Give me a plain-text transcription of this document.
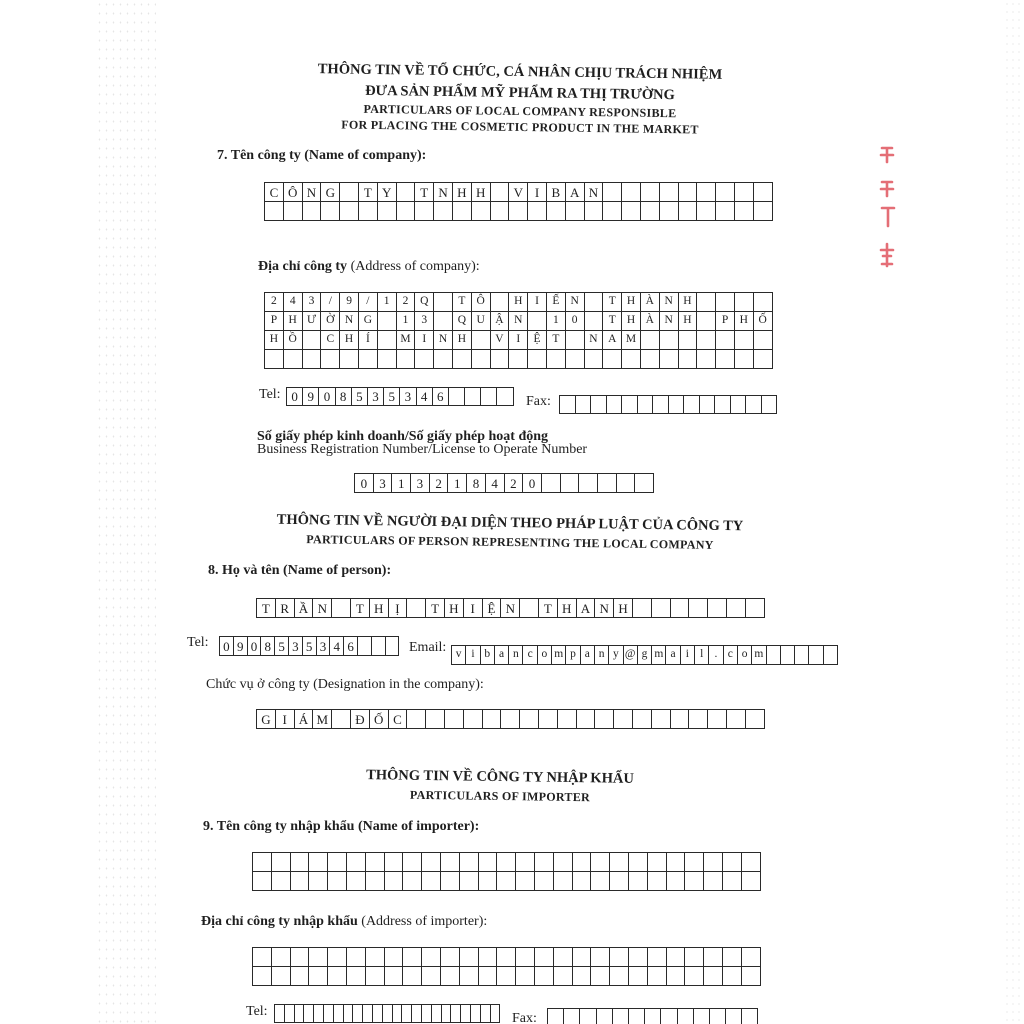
THÔNG TIN VỀ TỔ CHỨC, CÁ NHÂN CHỊU TRÁCH NHIỆM
ĐƯA SẢN PHẨM MỸ PHẨM RA THỊ TRƯỜNG
PARTICULARS OF LOCAL COMPANY RESPONSIBLE
FOR PLACING THE COSMETIC PRODUCT IN THE MARKET
7. Tên công ty (Name of company):
C Ô N G	T Y	T N H H	V I B A N
Địa chỉ công ty (Address of company):
2	4	3	/	9	/	1	2	Q	T Ô	H	I	Ế N	T H À N H
P H Ư Ờ N G	1	3	Q U Ậ N	1	0	T H À N H	P H Ố
H Ồ	C H	Í	M	I	N H	V	I	Ệ	T	N A M
Tel: 0 9 0 8 5 3 5 3 4 6	Fax:
Số giấy phép kinh doanh/Số giấy phép hoạt động
Business Registration Number/License to Operate Number
0 3 1 3 2 1 8 4 2 0
THÔNG TIN VỀ NGƯỜI ĐẠI DIỆN THEO PHÁP LUẬT CỦA CÔNG TY
PARTICULARS OF PERSON REPRESENTING THE LOCAL COMPANY
8. Họ và tên (Name of person):
T R Ầ N	T H Ị	T H I Ệ N	T H A N H
Tel: 0 9 0 8 5 3 5 3 4 6	Email: v i b a n c o m p a n y @ g m a i l . c o m
Chức vụ ở công ty (Designation in the company):
G I Á M	Đ Ố C
THÔNG TIN VỀ CÔNG TY NHẬP KHẨU
PARTICULARS OF IMPORTER
9. Tên công ty nhập khẩu (Name of importer):
Địa chỉ công ty nhập khẩu (Address of importer):
Tel:	Fax:
